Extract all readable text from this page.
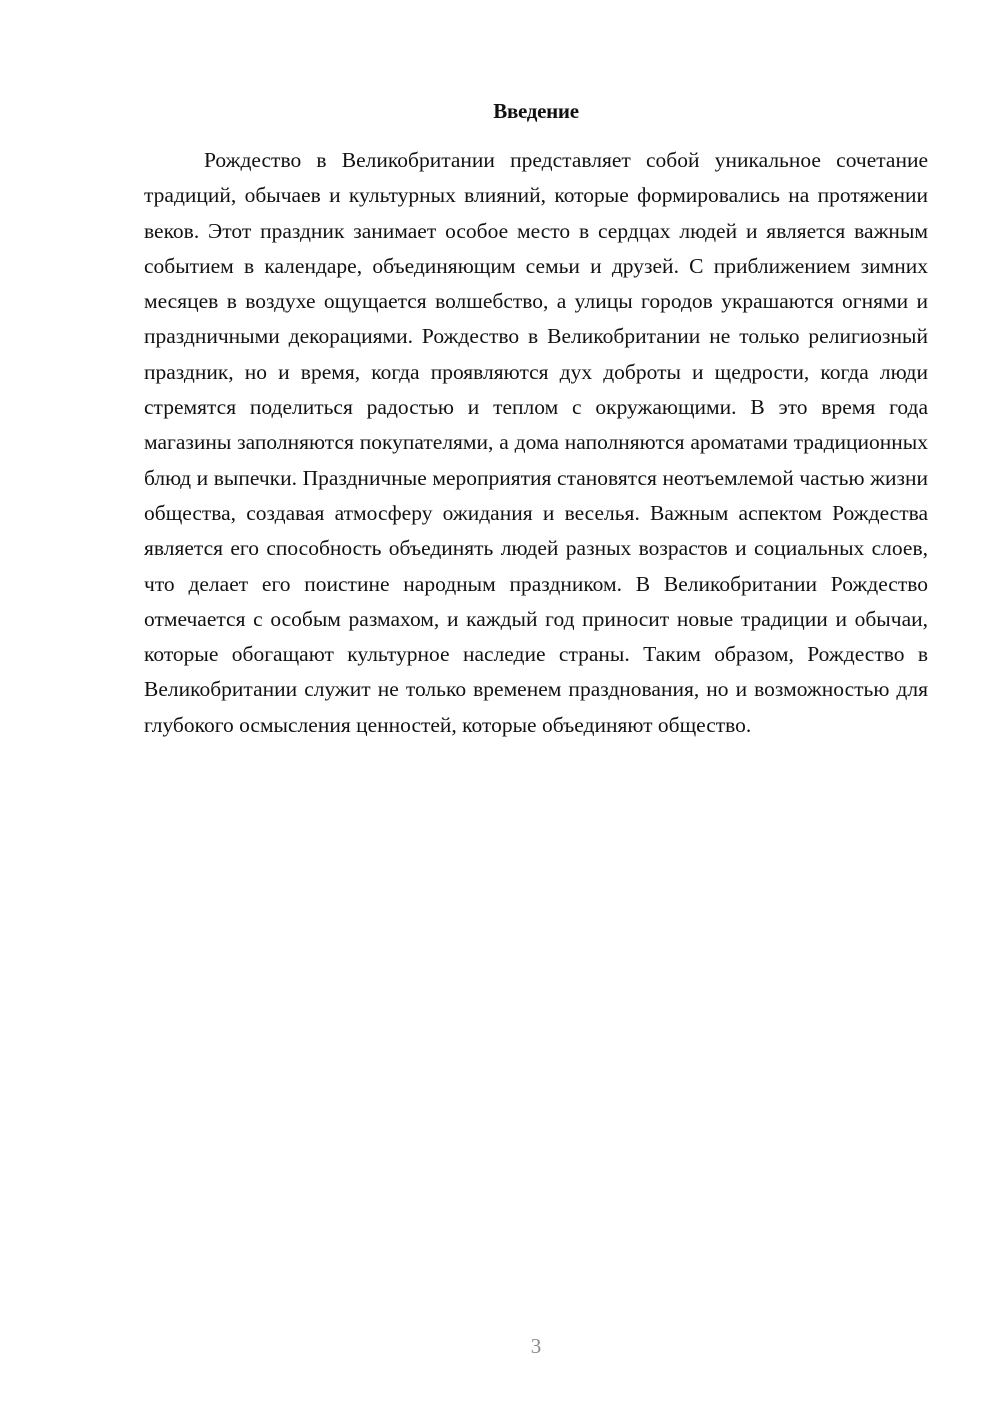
Введение

Рождество в Великобритании представляет собой уникальное сочетание традиций, обычаев и культурных влияний, которые формировались на протяжении веков. Этот праздник занимает особое место в сердцах людей и является важным событием в календаре, объединяющим семьи и друзей. С приближением зимних месяцев в воздухе ощущается волшебство, а улицы городов украшаются огнями и праздничными декорациями. Рождество в Великобритании не только религиозный праздник, но и время, когда проявляются дух доброты и щедрости, когда люди стремятся поделиться радостью и теплом с окружающими. В это время года магазины заполняются покупателями, а дома наполняются ароматами традиционных блюд и выпечки. Праздничные мероприятия становятся неотъемлемой частью жизни общества, создавая атмосферу ожидания и веселья. Важным аспектом Рождества является его способность объединять людей разных возрастов и социальных слоев, что делает его поистине народным праздником. В Великобритании Рождество отмечается с особым размахом, и каждый год приносит новые традиции и обычаи, которые обогащают культурное наследие страны. Таким образом, Рождество в Великобритании служит не только временем празднования, но и возможностью для глубокого осмысления ценностей, которые объединяют общество.

3
